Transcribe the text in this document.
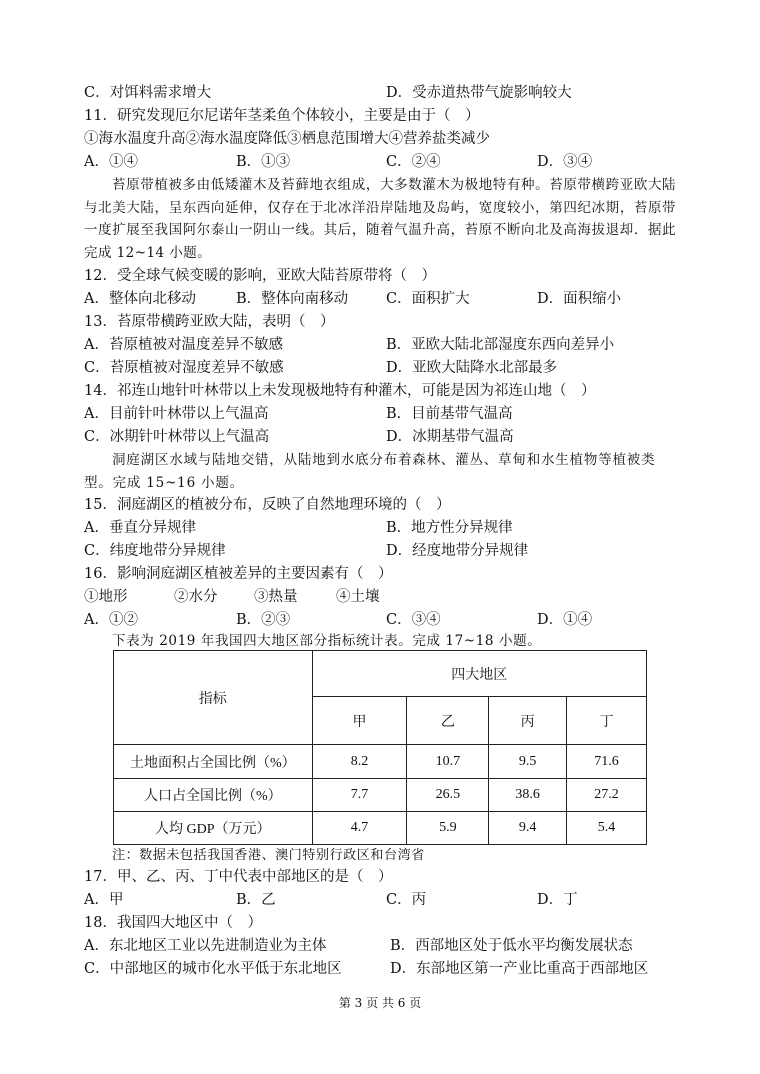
C．对饵料需求增大	D．受赤道热带气旋影响较大
11．研究发现厄尔尼诺年茎柔鱼个体较小，主要是由于（　）
①海水温度升高②海水温度降低③栖息范围增大④营养盐类减少
A．①④	B．①③	C．②④	D．③④
苔原带植被多由低矮灌木及苔藓地衣组成，大多数灌木为极地特有种。苔原带横跨亚欧大陆与北美大陆，呈东西向延伸，仅存在于北冰洋沿岸陆地及岛屿，宽度较小，第四纪冰期，苔原带一度扩展至我国阿尔泰山一阴山一线。其后，随着气温升高，苔原不断向北及高海拔退却．据此完成 12~14 小题。
12．受全球气候变暖的影响，亚欧大陆苔原带将（　）
A．整体向北移动	B．整体向南移动	C．面积扩大	D．面积缩小
13．苔原带横跨亚欧大陆，表明（　）
A．苔原植被对温度差异不敏感	B．亚欧大陆北部湿度东西向差异小
C．苔原植被对湿度差异不敏感	D．亚欧大陆降水北部最多
14．祁连山地针叶林带以上未发现极地特有种灌木，可能是因为祁连山地（　）
A．目前针叶林带以上气温高	B．目前基带气温高
C．冰期针叶林带以上气温高	D．冰期基带气温高
洞庭湖区水域与陆地交错，从陆地到水底分布着森林、灌丛、草甸和水生植物等植被类型。完成 15~16 小题。
15．洞庭湖区的植被分布，反映了自然地理环境的（　）
A．垂直分异规律	B．地方性分异规律
C．纬度地带分异规律	D．经度地带分异规律
16．影响洞庭湖区植被差异的主要因素有（　）
①地形	②水分	③热量	④土壤
A．①②	B．②③	C．③④	D．①④
下表为 2019 年我国四大地区部分指标统计表。完成 17~18 小题。
指标	四大地区			
	甲	乙	丙	丁
土地面积占全国比例（%）	8.2	10.7	9.5	71.6
人口占全国比例（%）	7.7	26.5	38.6	27.2
人均 GDP（万元）	4.7	5.9	9.4	5.4
注：数据未包括我国香港、澳门特别行政区和台湾省
17．甲、乙、丙、丁中代表中部地区的是（　）
A．甲	B．乙	C．丙	D．丁
18．我国四大地区中（　）
A．东北地区工业以先进制造业为主体	B．西部地区处于低水平均衡发展状态
C．中部地区的城市化水平低于东北地区	D．东部地区第一产业比重高于西部地区
第 3 页 共 6 页
